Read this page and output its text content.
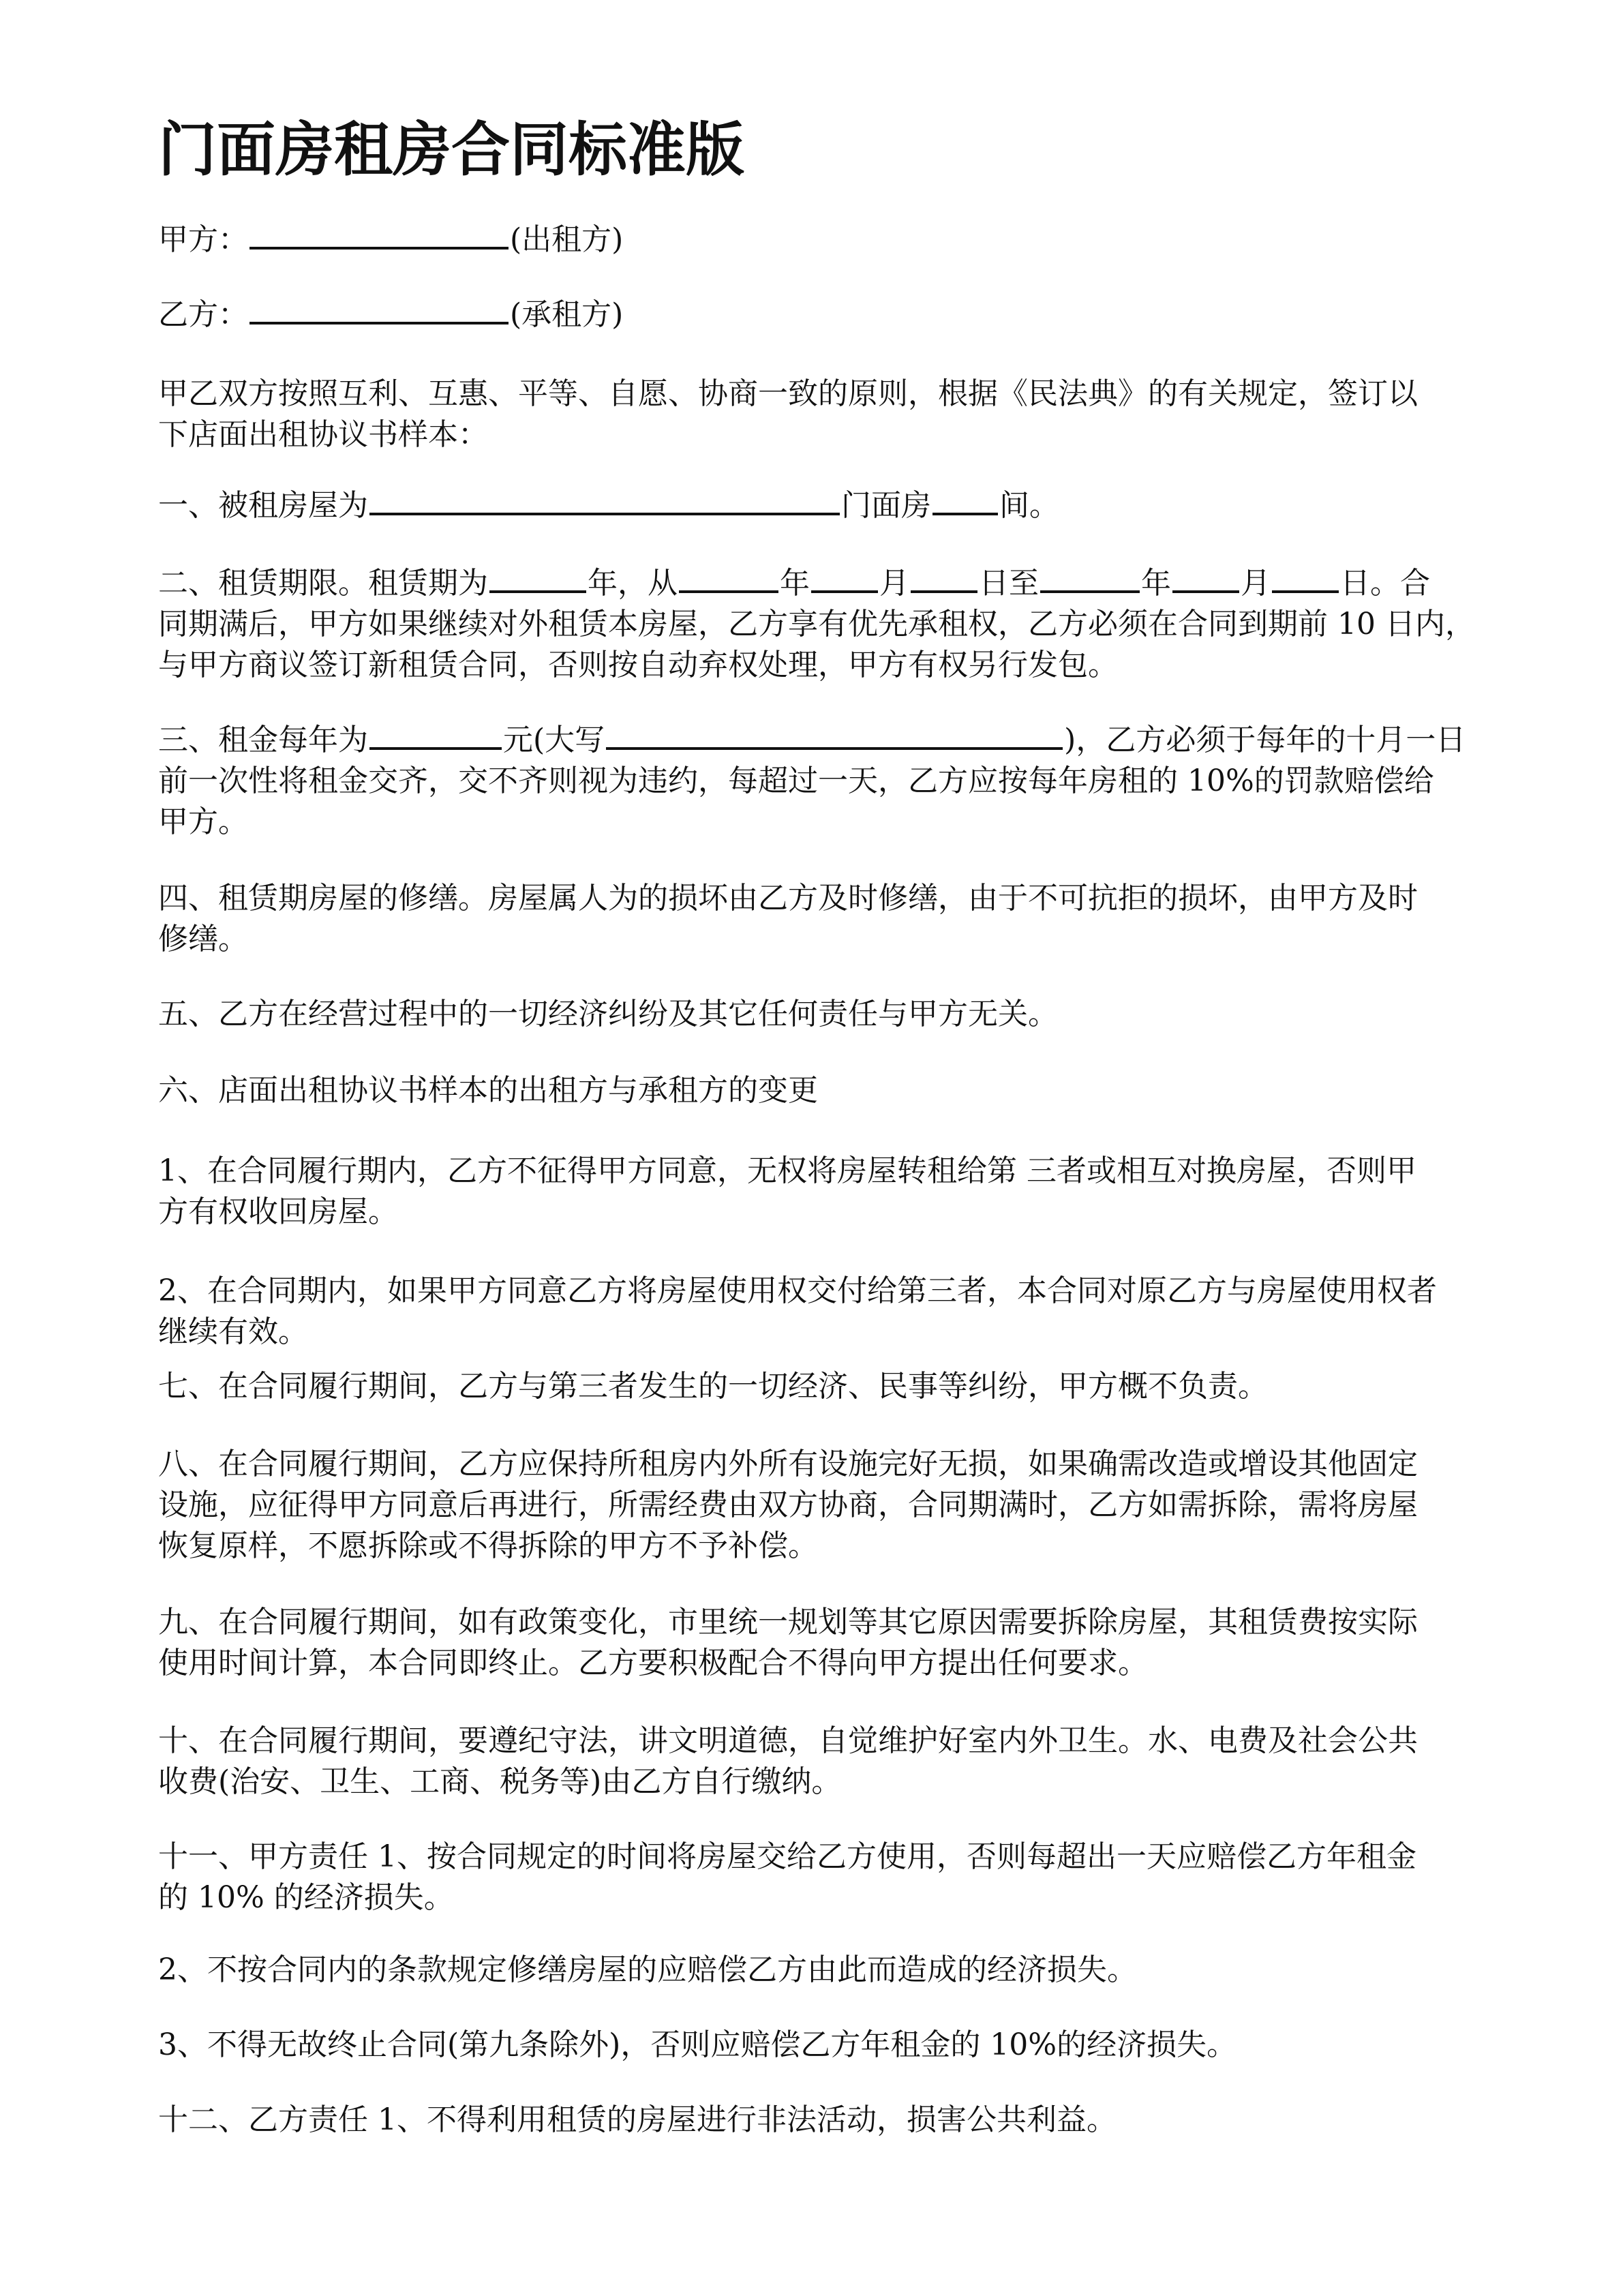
门面房租房合同标准版

甲方：	(出租方)

乙方：	(承租方)

甲乙双方按照互利、互惠、平等、自愿、协商一致的原则，根据《民法典》的有关规定，签订以
下店面出租协议书样本：

一、被租房屋为	门面房 间。

二、租赁期限。租赁期为	年，从	年 月 日至	年 月 日。合
同期满后，甲方如果继续对外租赁本房屋，乙方享有优先承租权，乙方必须在合同到期前 10 日内，
与甲方商议签订新租赁合同，否则按自动弃权处理，甲方有权另行发包。

三、租金每年为	元(大写	)，乙方必须于每年的十月一日
前一次性将租金交齐，交不齐则视为违约，每超过一天，乙方应按每年房租的 10%的罚款赔偿给
甲方。

四、租赁期房屋的修缮。房屋属人为的损坏由乙方及时修缮，由于不可抗拒的损坏，由甲方及时
修缮。

五、乙方在经营过程中的一切经济纠纷及其它任何责任与甲方无关。

六、店面出租协议书样本的出租方与承租方的变更

1、在合同履行期内，乙方不征得甲方同意，无权将房屋转租给第 三者或相互对换房屋，否则甲
方有权收回房屋。

2、在合同期内，如果甲方同意乙方将房屋使用权交付给第三者，本合同对原乙方与房屋使用权者
继续有效。

七、在合同履行期间，乙方与第三者发生的一切经济、民事等纠纷，甲方概不负责。

八、在合同履行期间，乙方应保持所租房内外所有设施完好无损，如果确需改造或增设其他固定
设施，应征得甲方同意后再进行，所需经费由双方协商，合同期满时，乙方如需拆除，需将房屋
恢复原样，不愿拆除或不得拆除的甲方不予补偿。

九、在合同履行期间，如有政策变化，市里统一规划等其它原因需要拆除房屋，其租赁费按实际
使用时间计算，本合同即终止。乙方要积极配合不得向甲方提出任何要求。

十、在合同履行期间，要遵纪守法，讲文明道德，自觉维护好室内外卫生。水、电费及社会公共
收费(治安、卫生、工商、税务等)由乙方自行缴纳。

十一、甲方责任 1、按合同规定的时间将房屋交给乙方使用，否则每超出一天应赔偿乙方年租金
的 10% 的经济损失。

2、不按合同内的条款规定修缮房屋的应赔偿乙方由此而造成的经济损失。

3、不得无故终止合同(第九条除外)，否则应赔偿乙方年租金的 10%的经济损失。

十二、乙方责任 1、不得利用租赁的房屋进行非法活动，损害公共利益。
